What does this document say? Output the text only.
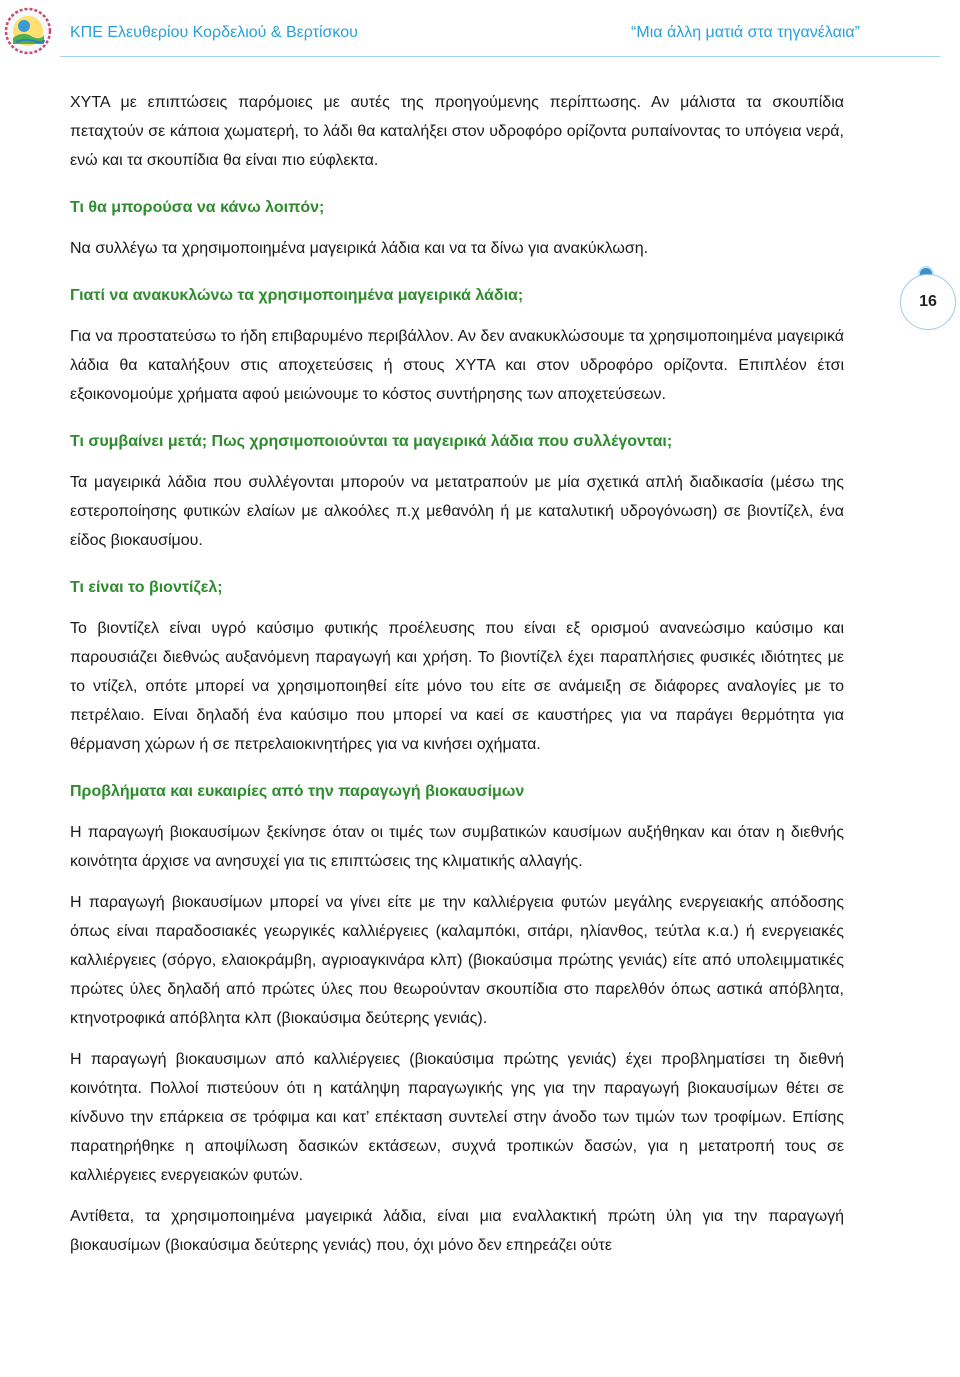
ΚΠΕ Ελευθερίου Κορδελιού & Βερτίσκου	“Μια άλλη ματιά στα τηγανέλαια”
16

ΧΥΤΑ με επιπτώσεις παρόμοιες με αυτές της προηγούμενης περίπτωσης. Αν μάλιστα τα σκουπίδια πεταχτούν σε κάποια χωματερή, το λάδι θα καταλήξει στον υδροφόρο ορίζοντα ρυπαίνοντας το υπόγεια νερά, ενώ και τα σκουπίδια θα είναι πιο εύφλεκτα.

Τι θα μπορούσα να κάνω λοιπόν;

Να συλλέγω τα χρησιμοποιημένα μαγειρικά λάδια και να τα δίνω για ανακύκλωση.

Γιατί να ανακυκλώνω τα χρησιμοποιημένα μαγειρικά λάδια;

Για να προστατεύσω το ήδη επιβαρυμένο περιβάλλον. Αν δεν ανακυκλώσουμε τα χρησιμοποιημένα μαγειρικά λάδια θα καταλήξουν στις αποχετεύσεις ή στους ΧΥΤΑ και στον υδροφόρο ορίζοντα. Επιπλέον έτσι εξοικονομούμε χρήματα αφού μειώνουμε το κόστος συντήρησης των αποχετεύσεων.

Τι συμβαίνει μετά; Πως χρησιμοποιούνται τα μαγειρικά λάδια που συλλέγονται;

Τα μαγειρικά λάδια που συλλέγονται μπορούν να μετατραπούν με μία σχετικά απλή διαδικασία (μέσω της εστεροποίησης φυτικών ελαίων με αλκοόλες π.χ μεθανόλη ή με καταλυτική υδρογόνωση) σε βιοντίζελ, ένα είδος βιοκαυσίμου.

Τι είναι το βιοντίζελ;

Το βιοντίζελ είναι υγρό καύσιμο φυτικής προέλευσης που είναι εξ ορισμού ανανεώσιμο καύσιμο και παρουσιάζει διεθνώς αυξανόμενη παραγωγή και χρήση. Το βιοντίζελ έχει παραπλήσιες φυσικές ιδιότητες με το ντίζελ, οπότε μπορεί να χρησιμοποιηθεί είτε μόνο του είτε σε ανάμειξη σε διάφορες αναλογίες με το πετρέλαιο. Είναι δηλαδή ένα καύσιμο που μπορεί να καεί σε καυστήρες για να παράγει θερμότητα για θέρμανση χώρων ή σε πετρελαιοκινητήρες για να κινήσει οχήματα.

Προβλήματα και ευκαιρίες από την παραγωγή βιοκαυσίμων

Η παραγωγή βιοκαυσίμων ξεκίνησε όταν οι τιμές των συμβατικών καυσίμων αυξήθηκαν και όταν η διεθνής κοινότητα άρχισε να ανησυχεί για τις επιπτώσεις της κλιματικής αλλαγής.

Η παραγωγή βιοκαυσίμων μπορεί να γίνει είτε με την καλλιέργεια φυτών μεγάλης ενεργειακής απόδοσης όπως είναι παραδοσιακές γεωργικές καλλιέργειες (καλαμπόκι, σιτάρι, ηλίανθος, τεύτλα κ.α.) ή ενεργειακές καλλιέργειες (σόργο, ελαιοκράμβη, αγριοαγκινάρα κλπ) (βιοκαύσιμα πρώτης γενιάς) είτε από υπολειμματικές πρώτες ύλες δηλαδή από πρώτες ύλες που θεωρούνταν σκουπίδια στο παρελθόν όπως αστικά απόβλητα, κτηνοτροφικά απόβλητα κλπ (βιοκαύσιμα δεύτερης γενιάς).

Η παραγωγή βιοκαυσιμων από καλλιέργειες (βιοκαύσιμα πρώτης γενιάς) έχει προβληματίσει τη διεθνή κοινότητα. Πολλοί πιστεύουν ότι η κατάληψη παραγωγικής γης για την παραγωγή βιοκαυσίμων θέτει σε κίνδυνο την επάρκεια σε τρόφιμα και κατ’ επέκταση συντελεί στην άνοδο των τιμών των τροφίμων. Επίσης παρατηρήθηκε η αποψίλωση δασικών εκτάσεων, συχνά τροπικών δασών, για η μετατροπή τους σε καλλιέργειες ενεργειακών φυτών.

Αντίθετα, τα χρησιμοποιημένα μαγειρικά λάδια, είναι μια εναλλακτική πρώτη ύλη για την παραγωγή βιοκαυσίμων (βιοκαύσιμα δεύτερης γενιάς) που, όχι μόνο δεν επηρεάζει ούτε
